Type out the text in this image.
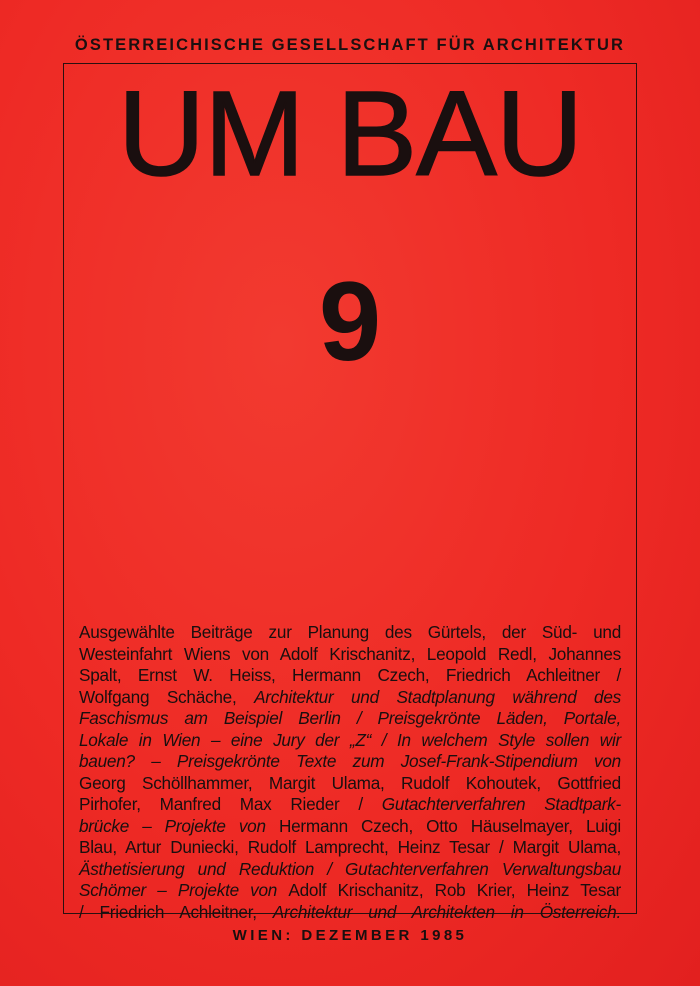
ÖSTERREICHISCHE GESELLSCHAFT FÜR ARCHITEKTUR
UM BAU
9
Ausgewählte Beiträge zur Planung des Gürtels, der Süd- und
Westeinfahrt Wiens von Adolf Krischanitz, Leopold Redl, Johannes
Spalt, Ernst W. Heiss, Hermann Czech, Friedrich Achleitner /
Wolfgang Schäche, Architektur und Stadtplanung während des
Faschismus am Beispiel Berlin / Preisgekrönte Läden, Portale,
Lokale in Wien – eine Jury der „Z“ / In welchem Style sollen wir
bauen? – Preisgekrönte Texte zum Josef-Frank-Stipendium von
Georg Schöllhammer, Margit Ulama, Rudolf Kohoutek, Gottfried
Pirhofer, Manfred Max Rieder / Gutachterverfahren Stadtpark-
brücke – Projekte von Hermann Czech, Otto Häuselmayer, Luigi
Blau, Artur Duniecki, Rudolf Lamprecht, Heinz Tesar / Margit Ulama,
Ästhetisierung und Reduktion / Gutachterverfahren Verwaltungsbau
Schömer – Projekte von Adolf Krischanitz, Rob Krier, Heinz Tesar
/ Friedrich Achleitner, Architektur und Architekten in Österreich.
WIEN: DEZEMBER 1985
